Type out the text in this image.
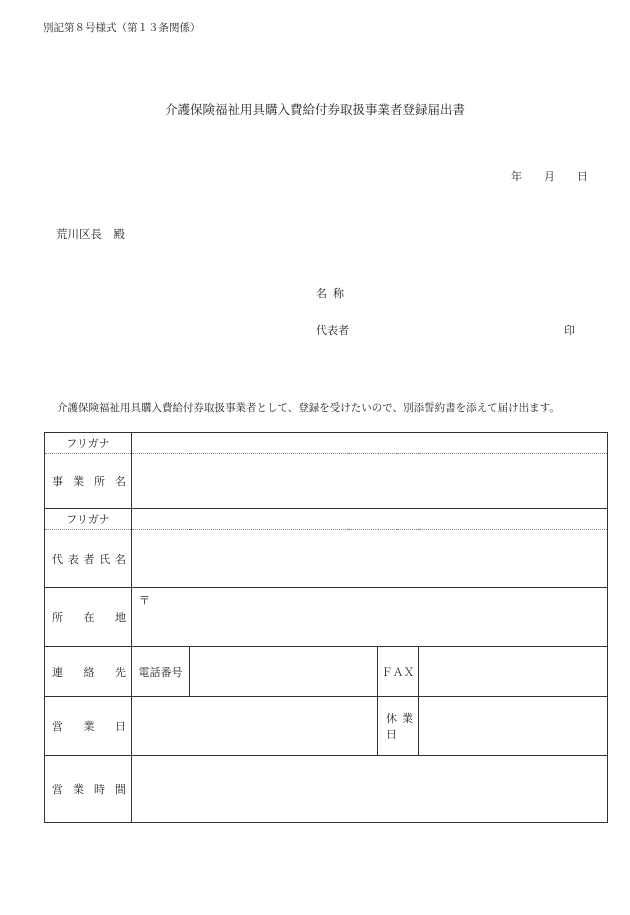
別記第８号様式（第１３条関係）
介護保険福祉用具購入費給付券取扱事業者登録届出書
年 月 日
荒川区長　殿
名称
代表者	印
介護保険福祉用具購入費給付券取扱事業者として、登録を受けたいので、別添誓約書を添えて届け出ます。
フリガナ				
事業所名				
フリガナ				
代表者氏名				
所在地	〒			

連絡先	電話番号		ＦＡＸ	
営業日			休業日	
営業時間				
